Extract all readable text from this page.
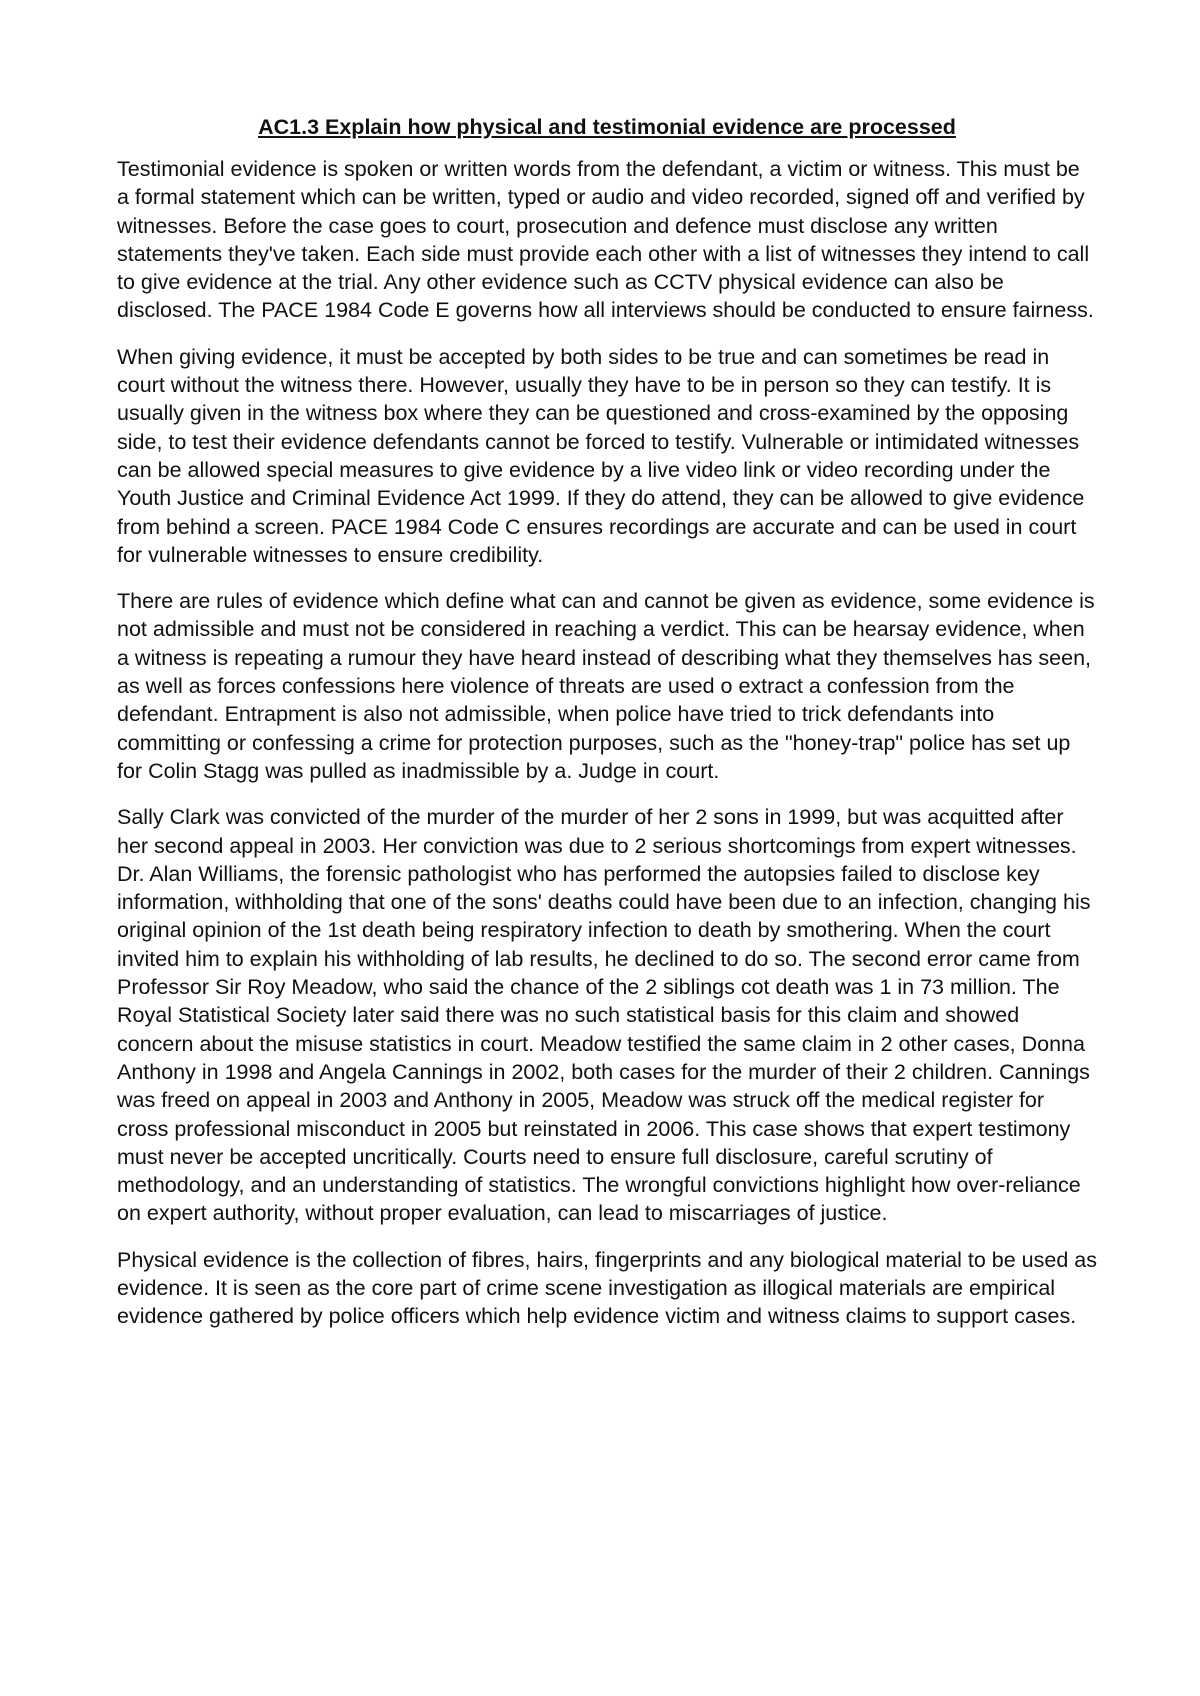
AC1.3 Explain how physical and testimonial evidence are processed

Testimonial evidence is spoken or written words from the defendant, a victim or witness. This must be a formal statement which can be written, typed or audio and video recorded, signed off and verified by witnesses. Before the case goes to court, prosecution and defence must disclose any written statements they've taken. Each side must provide each other with a list of witnesses they intend to call to give evidence at the trial. Any other evidence such as CCTV physical evidence can also be disclosed. The PACE 1984 Code E governs how all interviews should be conducted to ensure fairness.

When giving evidence, it must be accepted by both sides to be true and can sometimes be read in court without the witness there. However, usually they have to be in person so they can testify. It is usually given in the witness box where they can be questioned and cross-examined by the opposing side, to test their evidence defendants cannot be forced to testify. Vulnerable or intimidated witnesses can be allowed special measures to give evidence by a live video link or video recording under the Youth Justice and Criminal Evidence Act 1999. If they do attend, they can be allowed to give evidence from behind a screen. PACE 1984 Code C ensures recordings are accurate and can be used in court for vulnerable witnesses to ensure credibility.

There are rules of evidence which define what can and cannot be given as evidence, some evidence is not admissible and must not be considered in reaching a verdict. This can be hearsay evidence, when a witness is repeating a rumour they have heard instead of describing what they themselves has seen, as well as forces confessions here violence of threats are used o extract a confession from the defendant. Entrapment is also not admissible, when police have tried to trick defendants into committing or confessing a crime for protection purposes, such as the "honey-trap" police has set up for Colin Stagg was pulled as inadmissible by a. Judge in court.

Sally Clark was convicted of the murder of the murder of her 2 sons in 1999, but was acquitted after her second appeal in 2003. Her conviction was due to 2 serious shortcomings from expert witnesses. Dr. Alan Williams, the forensic pathologist who has performed the autopsies failed to disclose key information, withholding that one of the sons' deaths could have been due to an infection, changing his original opinion of the 1st death being respiratory infection to death by smothering. When the court invited him to explain his withholding of lab results, he declined to do so. The second error came from Professor Sir Roy Meadow, who said the chance of the 2 siblings cot death was 1 in 73 million. The Royal Statistical Society later said there was no such statistical basis for this claim and showed concern about the misuse statistics in court. Meadow testified the same claim in 2 other cases, Donna Anthony in 1998 and Angela Cannings in 2002, both cases for the murder of their 2 children. Cannings was freed on appeal in 2003 and Anthony in 2005, Meadow was struck off the medical register for cross professional misconduct in 2005 but reinstated in 2006. This case shows that expert testimony must never be accepted uncritically. Courts need to ensure full disclosure, careful scrutiny of methodology, and an understanding of statistics. The wrongful convictions highlight how over-reliance on expert authority, without proper evaluation, can lead to miscarriages of justice.

Physical evidence is the collection of fibres, hairs, fingerprints and any biological material to be used as evidence. It is seen as the core part of crime scene investigation as illogical materials are empirical evidence gathered by police officers which help evidence victim and witness claims to support cases.
